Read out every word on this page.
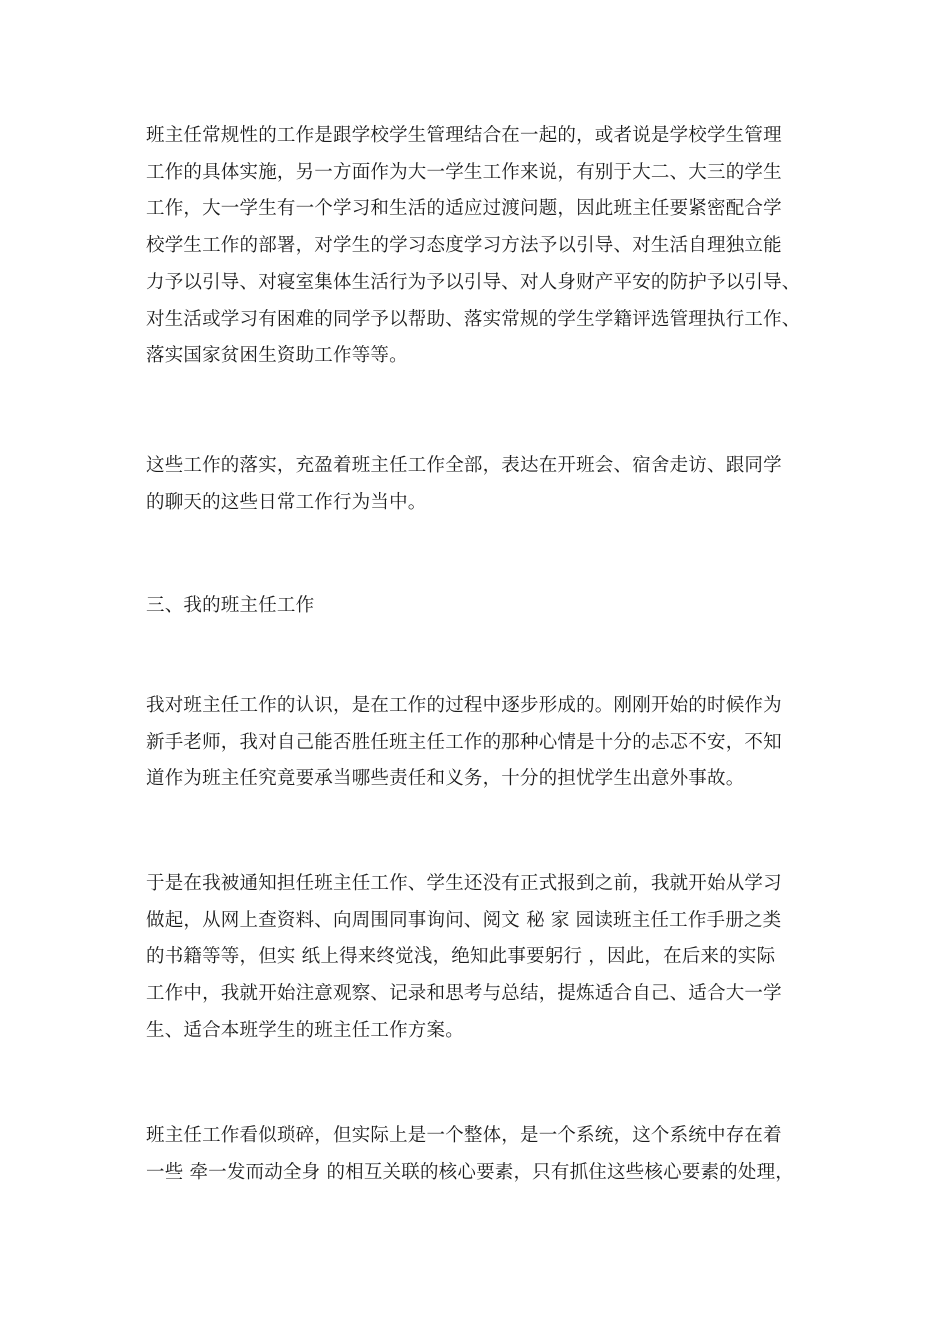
班主任常规性的工作是跟学校学生管理结合在一起的，或者说是学校学生管理
工作的具体实施，另一方面作为大一学生工作来说，有别于大二、大三的学生
工作，大一学生有一个学习和生活的适应过渡问题，因此班主任要紧密配合学
校学生工作的部署，对学生的学习态度学习方法予以引导、对生活自理独立能
力予以引导、对寝室集体生活行为予以引导、对人身财产平安的防护予以引导、
对生活或学习有困难的同学予以帮助、落实常规的学生学籍评选管理执行工作、
落实国家贫困生资助工作等等。

这些工作的落实，充盈着班主任工作全部，表达在开班会、宿舍走访、跟同学
的聊天的这些日常工作行为当中。

三、我的班主任工作

我对班主任工作的认识，是在工作的过程中逐步形成的。刚刚开始的时候作为
新手老师，我对自己能否胜任班主任工作的那种心情是十分的忐忑不安，不知
道作为班主任究竟要承当哪些责任和义务，十分的担忧学生出意外事故。

于是在我被通知担任班主任工作、学生还没有正式报到之前，我就开始从学习
做起，从网上查资料、向周围同事询问、阅文 秘 家 园读班主任工作手册之类
的书籍等等，但实 纸上得来终觉浅，绝知此事要躬行 ，因此，在后来的实际
工作中，我就开始注意观察、记录和思考与总结，提炼适合自己、适合大一学
生、适合本班学生的班主任工作方案。

班主任工作看似琐碎，但实际上是一个整体，是一个系统，这个系统中存在着
一些 牵一发而动全身 的相互关联的核心要素，只有抓住这些核心要素的处理，
